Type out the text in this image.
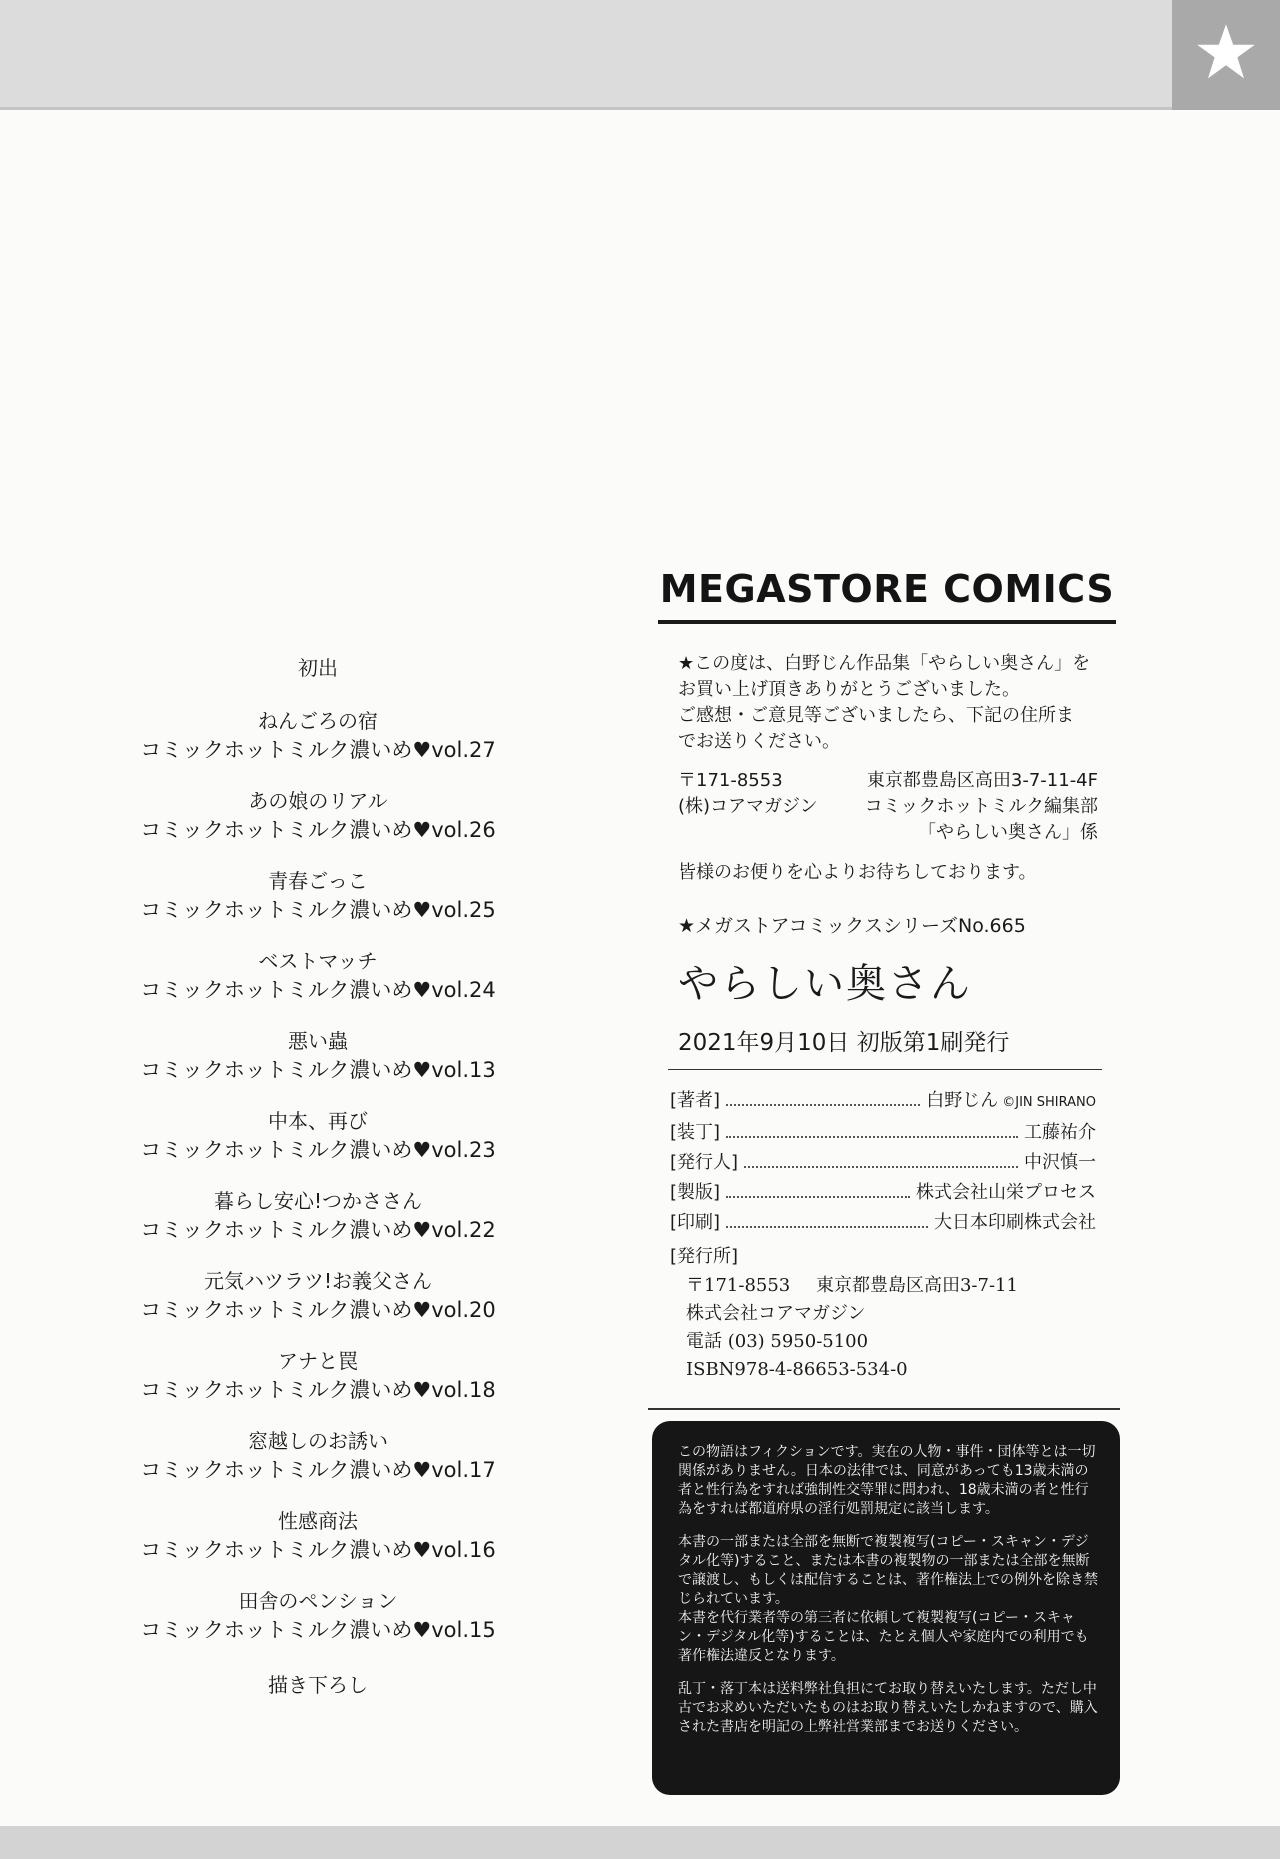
初出
ねんごろの宿
コミックホットミルク濃いめ♥vol.27
あの娘のリアル
コミックホットミルク濃いめ♥vol.26
青春ごっこ
コミックホットミルク濃いめ♥vol.25
ベストマッチ
コミックホットミルク濃いめ♥vol.24
悪い蟲
コミックホットミルク濃いめ♥vol.13
中本、再び
コミックホットミルク濃いめ♥vol.23
暮らし安心!つかささん
コミックホットミルク濃いめ♥vol.22
元気ハツラツ!お義父さん
コミックホットミルク濃いめ♥vol.20
アナと罠
コミックホットミルク濃いめ♥vol.18
窓越しのお誘い
コミックホットミルク濃いめ♥vol.17
性感商法
コミックホットミルク濃いめ♥vol.16
田舎のペンション
コミックホットミルク濃いめ♥vol.15
描き下ろし
MEGASTORE COMICS

★この度は、白野じん作品集「やらしい奥さん」を

お買い上げ頂きありがとうございました。

ご感想・ご意見等ございましたら、下記の住所ま

でお送りください。

〒171-8553	東京都豊島区高田3-7-11-4F
(株)コアマガジン	コミックホットミルク編集部
「やらしい奥さん」係
皆様のお便りを心よりお待ちしております。
★メガストアコミックスシリーズNo.665
やらしい奥さん
2021年9月10日 初版第1刷発行
[著者]	白野じん ©JIN SHIRANO
[装丁]	工藤祐介
[発行人]	中沢慎一
[製版]	株式会社山栄プロセス
[印刷]	大日本印刷株式会社
[発行所]
〒171-8553 東京都豊島区高田3-7-11
株式会社コアマガジン
電話 (03) 5950-5100
ISBN978-4-86653-534-0

この物語はフィクションです。実在の人物・事件・団体等とは一切関係がありません。日本の法律では、同意があっても13歳未満の者と性行為をすれば強制性交等罪に問われ、18歳未満の者と性行為をすれば都道府県の淫行処罰規定に該当します。

本書の一部または全部を無断で複製複写(コピー・スキャン・デジタル化等)すること、または本書の複製物の一部または全部を無断で譲渡し、もしくは配信することは、著作権法上での例外を除き禁じられています。

本書を代行業者等の第三者に依頼して複製複写(コピー・スキャン・デジタル化等)することは、たとえ個人や家庭内での利用でも著作権法違反となります。

乱丁・落丁本は送料弊社負担にてお取り替えいたします。ただし中古でお求めいただいたものはお取り替えいたしかねますので、購入された書店を明記の上弊社営業部までお送りください。
